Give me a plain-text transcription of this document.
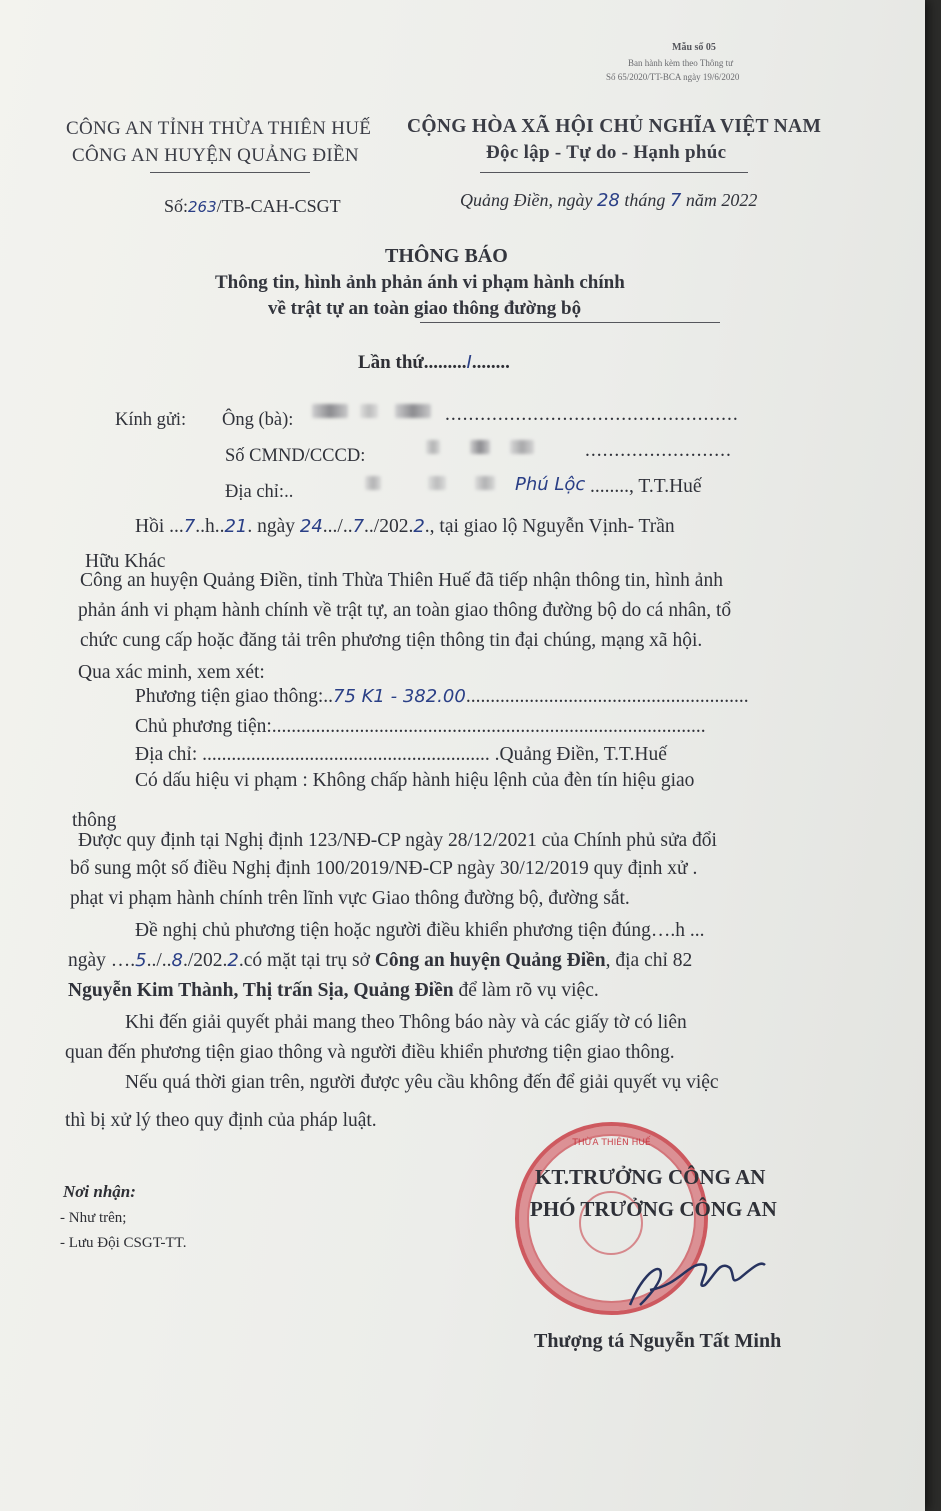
Mẫu số 05
Ban hành kèm theo Thông tư
Số 65/2020/TT-BCA ngày 19/6/2020
CÔNG AN TỈNH THỪA THIÊN HUẾ
CÔNG AN HUYỆN QUẢNG ĐIỀN
Số:263/TB-CAH-CSGT
CỘNG HÒA XÃ HỘI CHỦ NGHĨA VIỆT NAM
Độc lập - Tự do - Hạnh phúc
Quảng Điền, ngày 28 tháng 7 năm 2022
THÔNG BÁO
Thông tin, hình ảnh phản ánh vi phạm hành chính
về trật tự an toàn giao thông đường bộ
Lần thứ.........I........
Kính gửi: Ông (bà):	..................................................
Số CMND/CCCD:	.........................
Địa chỉ:..	Phú Lộc ........, T.T.Huế
Hồi ...7..h..21. ngày 24.../..7../202.2., tại giao lộ Nguyễn Vịnh- Trần
Hữu Khác
Công an huyện Quảng Điền, tỉnh Thừa Thiên Huế đã tiếp nhận thông tin, hình ảnh
phản ánh vi phạm hành chính về trật tự, an toàn giao thông đường bộ do cá nhân, tổ
chức cung cấp hoặc đăng tải trên phương tiện thông tin đại chúng, mạng xã hội.
Qua xác minh, xem xét:
Phương tiện giao thông:..75 K1 - 382.00..........................................................
Chủ phương tiện:.........................................................................................
Địa chỉ: ........................................................... .Quảng Điền, T.T.Huế
Có dấu hiệu vi phạm : Không chấp hành hiệu lệnh của đèn tín hiệu giao
thông
Được quy định tại Nghị định 123/NĐ-CP ngày 28/12/2021 của Chính phủ sửa đổi
bổ sung một số điều Nghị định 100/2019/NĐ-CP ngày 30/12/2019 quy định xử .
phạt vi phạm hành chính trên lĩnh vực Giao thông đường bộ, đường sắt.
Đề nghị chủ phương tiện hoặc người điều khiển phương tiện đúng….h ...
ngày ….5../..8./202.2.có mặt tại trụ sở Công an huyện Quảng Điền, địa chỉ 82
Nguyễn Kim Thành, Thị trấn Sịa, Quảng Điền để làm rõ vụ việc.
Khi đến giải quyết phải mang theo Thông báo này và các giấy tờ có liên
quan đến phương tiện giao thông và người điều khiển phương tiện giao thông.
Nếu quá thời gian trên, người được yêu cầu không đến để giải quyết vụ việc
thì bị xử lý theo quy định của pháp luật.
Nơi nhận:
- Như trên;
- Lưu Đội CSGT-TT.
THỪA THIÊN HUẾ
KT.TRƯỞNG CÔNG AN
PHÓ TRƯỞNG CÔNG AN
Thượng tá Nguyễn Tất Minh
